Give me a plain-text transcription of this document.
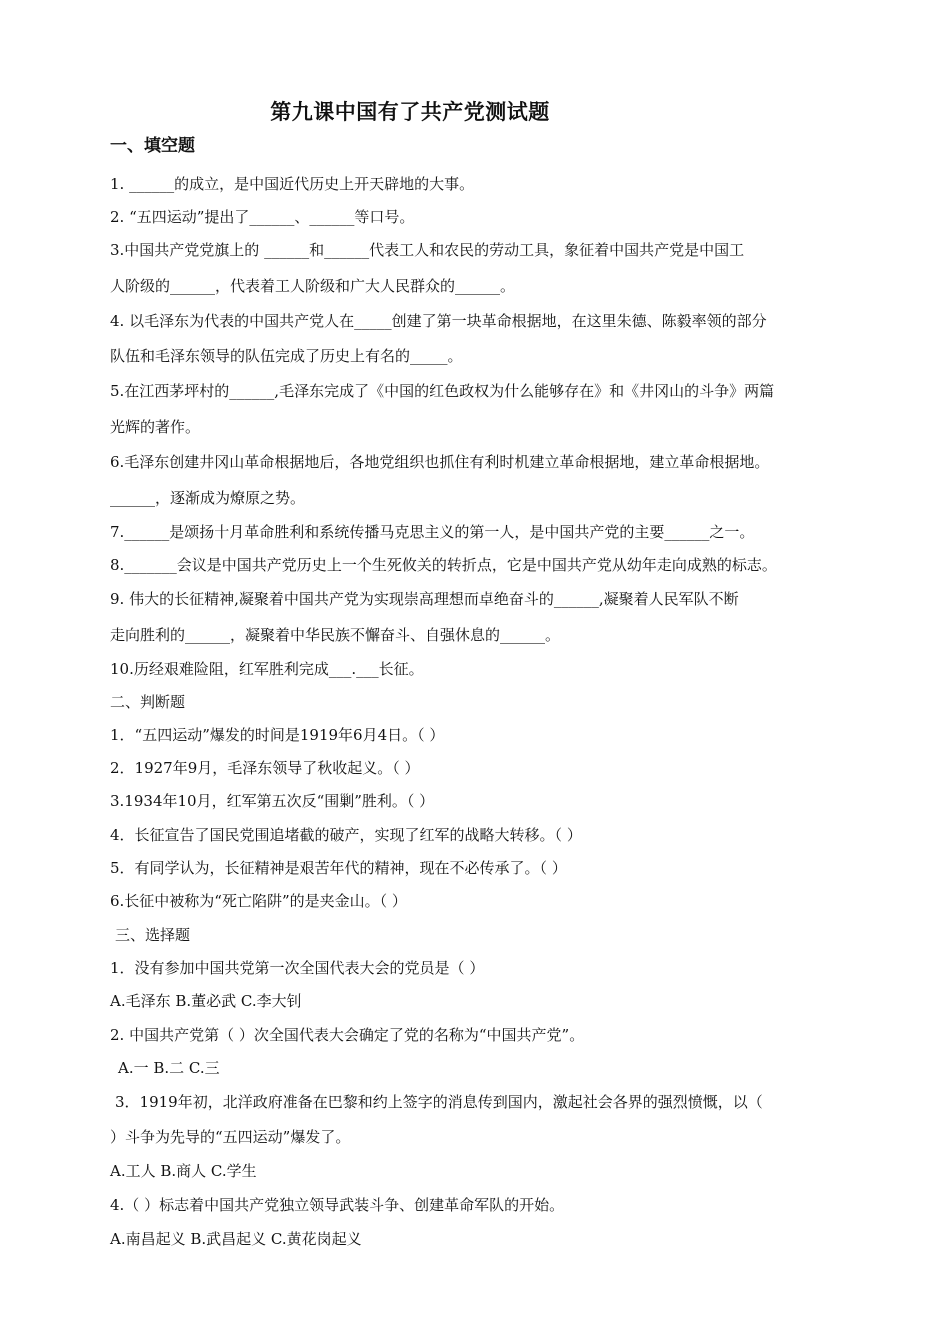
第九课中国有了共产党测试题
一、填空题
1. ______的成立，是中国近代历史上开天辟地的大事。
2. “五四运动”提出了______、______等口号。
3.中国共产党党旗上的 ______和______代表工人和农民的劳动工具，象征着中国共产党是中国工
人阶级的______，代表着工人阶级和广大人民群众的______。
4. 以毛泽东为代表的中国共产党人在_____创建了第一块革命根据地，在这里朱德、陈毅率领的部分
队伍和毛泽东领导的队伍完成了历史上有名的_____。
5.在江西茅坪村的______,毛泽东完成了《中国的红色政权为什么能够存在》和《井冈山的斗争》两篇
光辉的著作。
6.毛泽东创建井冈山革命根据地后，各地党组织也抓住有利时机建立革命根据地，建立革命根据地。
______，逐渐成为燎原之势。
7.______是颂扬十月革命胜利和系统传播马克思主义的第一人，是中国共产党的主要______之一。
8._______会议是中国共产党历史上一个生死攸关的转折点，它是中国共产党从幼年走向成熟的标志。
9. 伟大的长征精神,凝聚着中国共产党为实现崇高理想而卓绝奋斗的______,凝聚着人民军队不断
走向胜利的______，凝聚着中华民族不懈奋斗、自强休息的______。
10.历经艰难险阻，红军胜利完成___.___长征。
二、判断题
1．“五四运动”爆发的时间是1919年6月4日。（ ）
2．1927年9月，毛泽东领导了秋收起义。（ ）
3.1934年10月，红军第五次反“围剿”胜利。（ ）
4．长征宣告了国民党围追堵截的破产，实现了红军的战略大转移。（ ）
5．有同学认为，长征精神是艰苦年代的精神，现在不必传承了。（ ）
6.长征中被称为“死亡陷阱”的是夹金山。（ ）
三、选择题
1．没有参加中国共党第一次全国代表大会的党员是（ ）
A.毛泽东 B.董必武 C.李大钊
2. 中国共产党第（ ）次全国代表大会确定了党的名称为“中国共产党”。
A.一 B.二 C.三
3．1919年初，北洋政府准备在巴黎和约上签字的消息传到国内，激起社会各界的强烈愤慨，以（
）斗争为先导的“五四运动”爆发了。
A.工人 B.商人 C.学生
4.（ ）标志着中国共产党独立领导武装斗争、创建革命军队的开始。
A.南昌起义 B.武昌起义 C.黄花岗起义
